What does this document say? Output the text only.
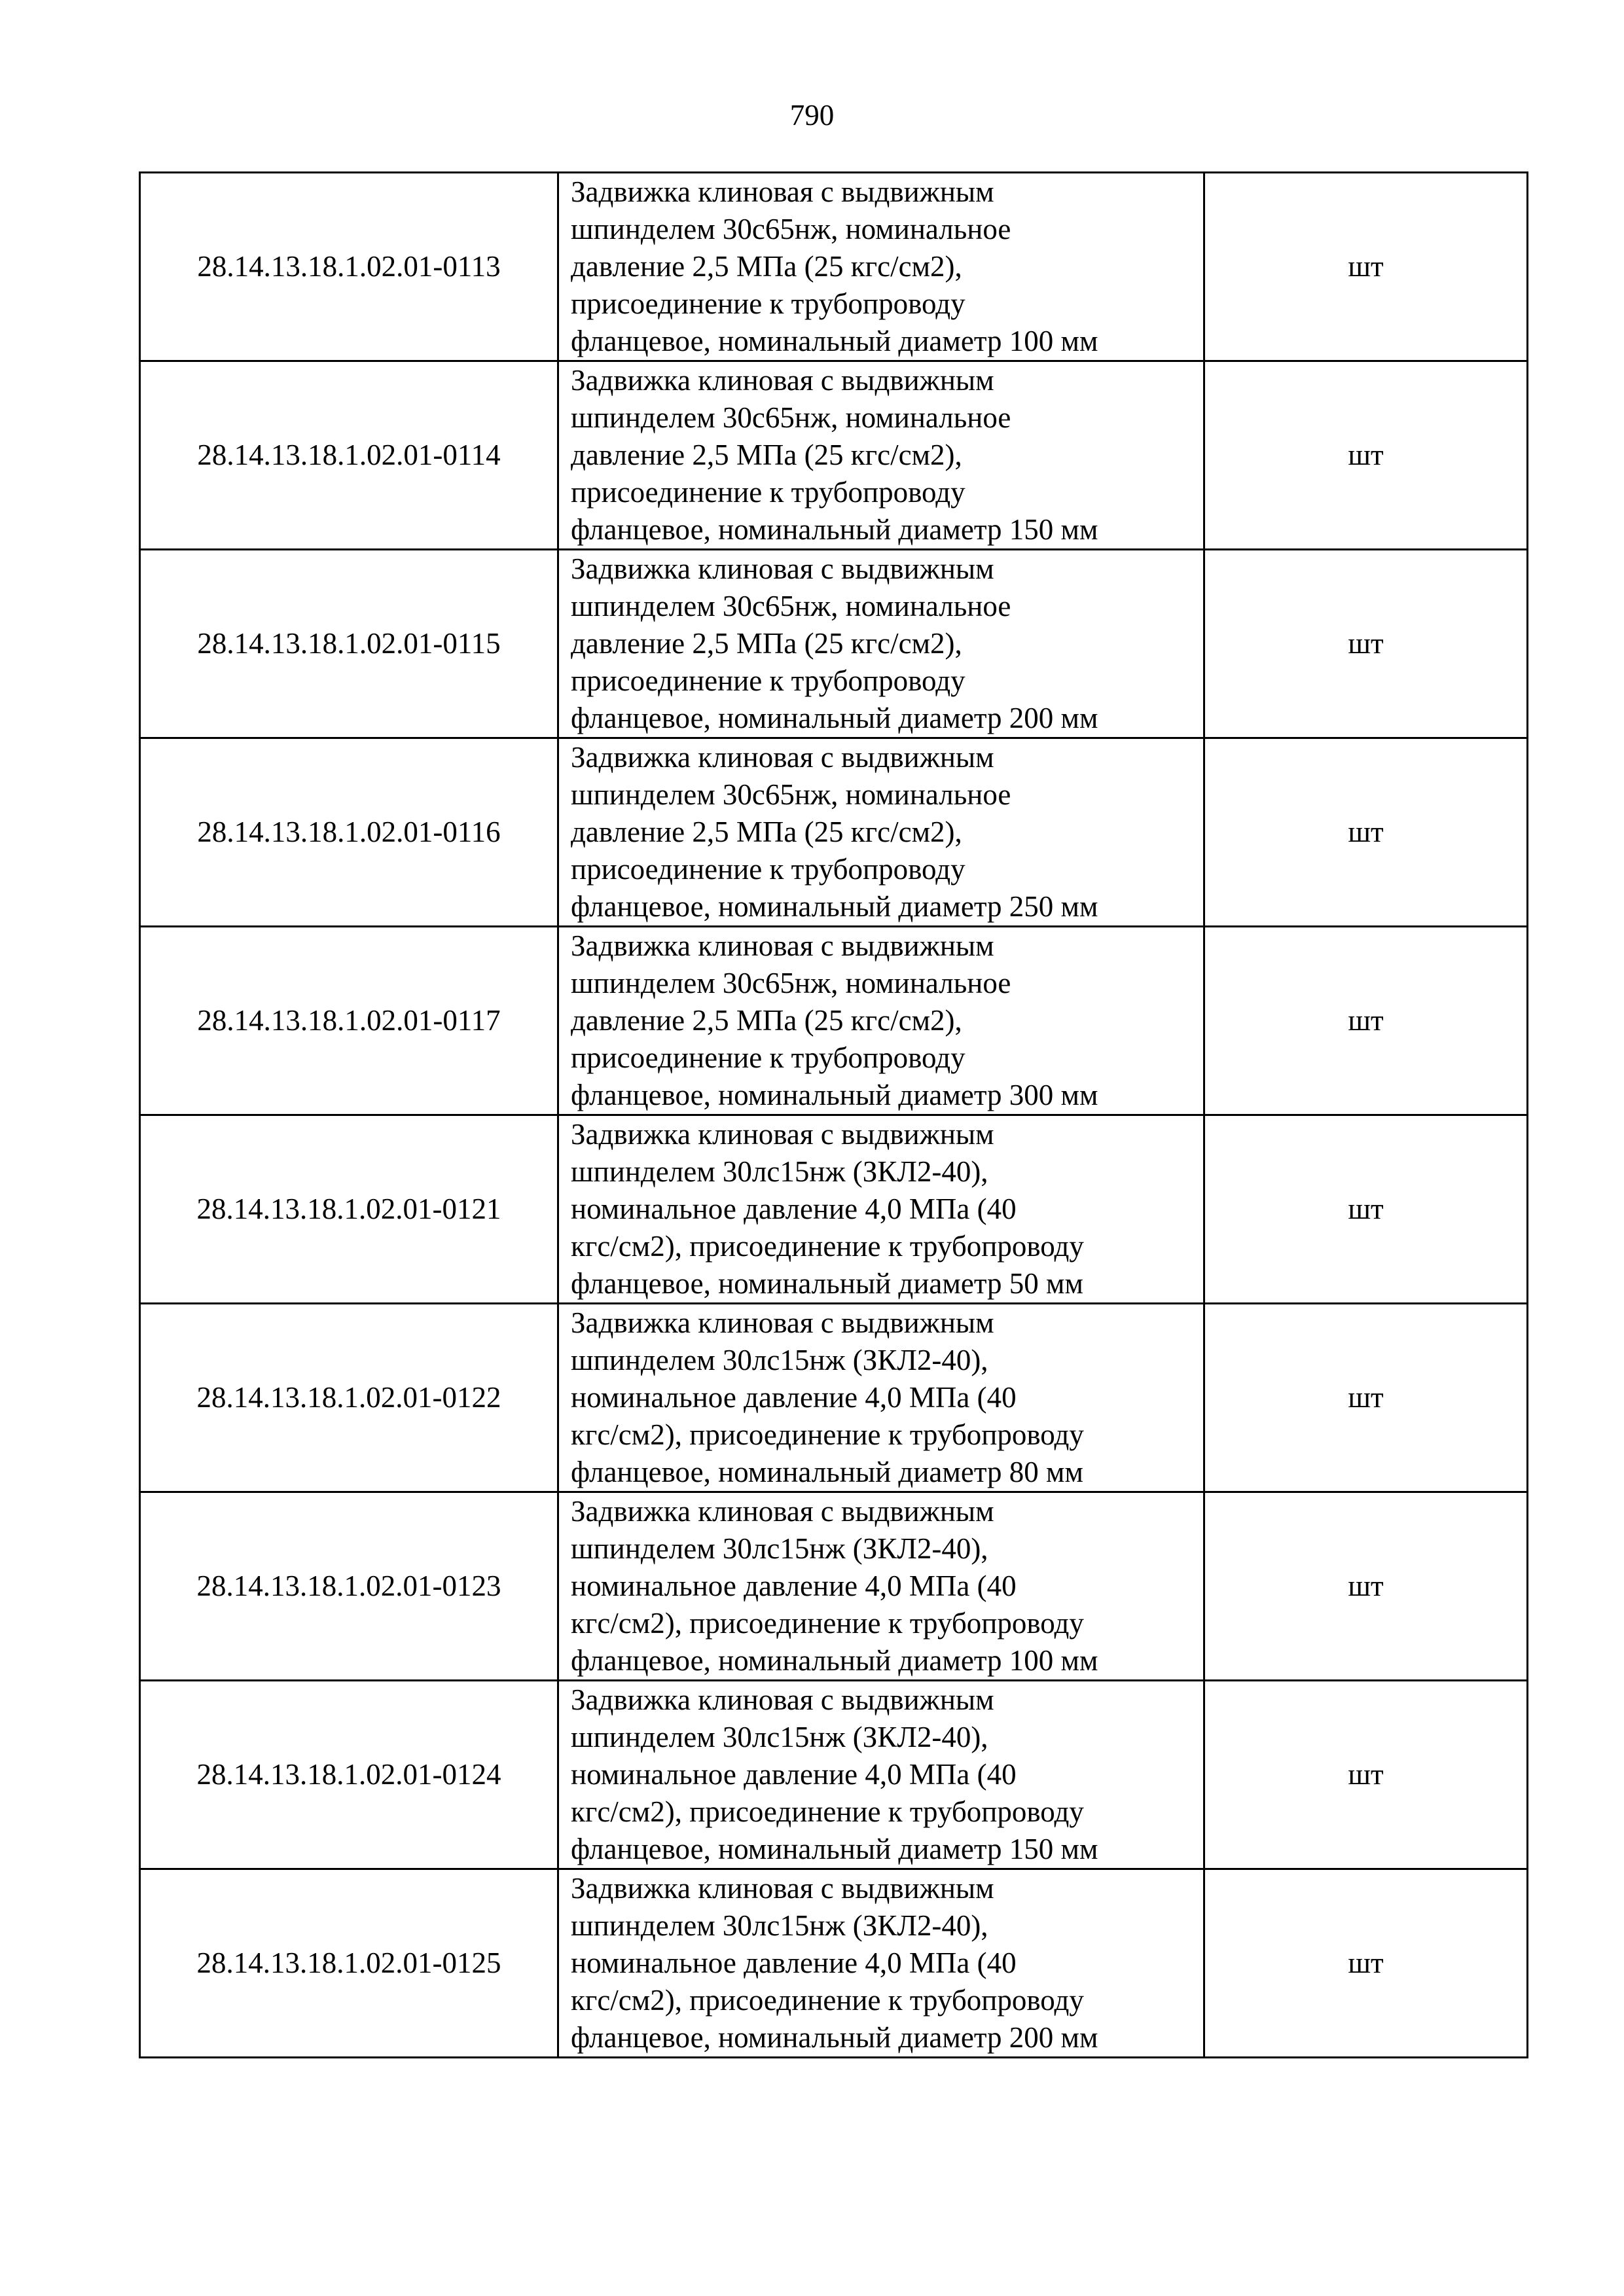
790
28.14.13.18.1.02.01-0113	Задвижка клиновая с выдвижным
шпинделем 30с65нж, номинальное
давление 2,5 МПа (25 кгс/см2),
присоединение к трубопроводу
фланцевое, номинальный диаметр 100 мм	шт
28.14.13.18.1.02.01-0114	Задвижка клиновая с выдвижным
шпинделем 30с65нж, номинальное
давление 2,5 МПа (25 кгс/см2),
присоединение к трубопроводу
фланцевое, номинальный диаметр 150 мм	шт
28.14.13.18.1.02.01-0115	Задвижка клиновая с выдвижным
шпинделем 30с65нж, номинальное
давление 2,5 МПа (25 кгс/см2),
присоединение к трубопроводу
фланцевое, номинальный диаметр 200 мм	шт
28.14.13.18.1.02.01-0116	Задвижка клиновая с выдвижным
шпинделем 30с65нж, номинальное
давление 2,5 МПа (25 кгс/см2),
присоединение к трубопроводу
фланцевое, номинальный диаметр 250 мм	шт
28.14.13.18.1.02.01-0117	Задвижка клиновая с выдвижным
шпинделем 30с65нж, номинальное
давление 2,5 МПа (25 кгс/см2),
присоединение к трубопроводу
фланцевое, номинальный диаметр 300 мм	шт
28.14.13.18.1.02.01-0121	Задвижка клиновая с выдвижным
шпинделем 30лс15нж (ЗКЛ2-40),
номинальное давление 4,0 МПа (40
кгс/см2), присоединение к трубопроводу
фланцевое, номинальный диаметр 50 мм	шт
28.14.13.18.1.02.01-0122	Задвижка клиновая с выдвижным
шпинделем 30лс15нж (ЗКЛ2-40),
номинальное давление 4,0 МПа (40
кгс/см2), присоединение к трубопроводу
фланцевое, номинальный диаметр 80 мм	шт
28.14.13.18.1.02.01-0123	Задвижка клиновая с выдвижным
шпинделем 30лс15нж (ЗКЛ2-40),
номинальное давление 4,0 МПа (40
кгс/см2), присоединение к трубопроводу
фланцевое, номинальный диаметр 100 мм	шт
28.14.13.18.1.02.01-0124	Задвижка клиновая с выдвижным
шпинделем 30лс15нж (ЗКЛ2-40),
номинальное давление 4,0 МПа (40
кгс/см2), присоединение к трубопроводу
фланцевое, номинальный диаметр 150 мм	шт
28.14.13.18.1.02.01-0125	Задвижка клиновая с выдвижным
шпинделем 30лс15нж (ЗКЛ2-40),
номинальное давление 4,0 МПа (40
кгс/см2), присоединение к трубопроводу
фланцевое, номинальный диаметр 200 мм	шт
